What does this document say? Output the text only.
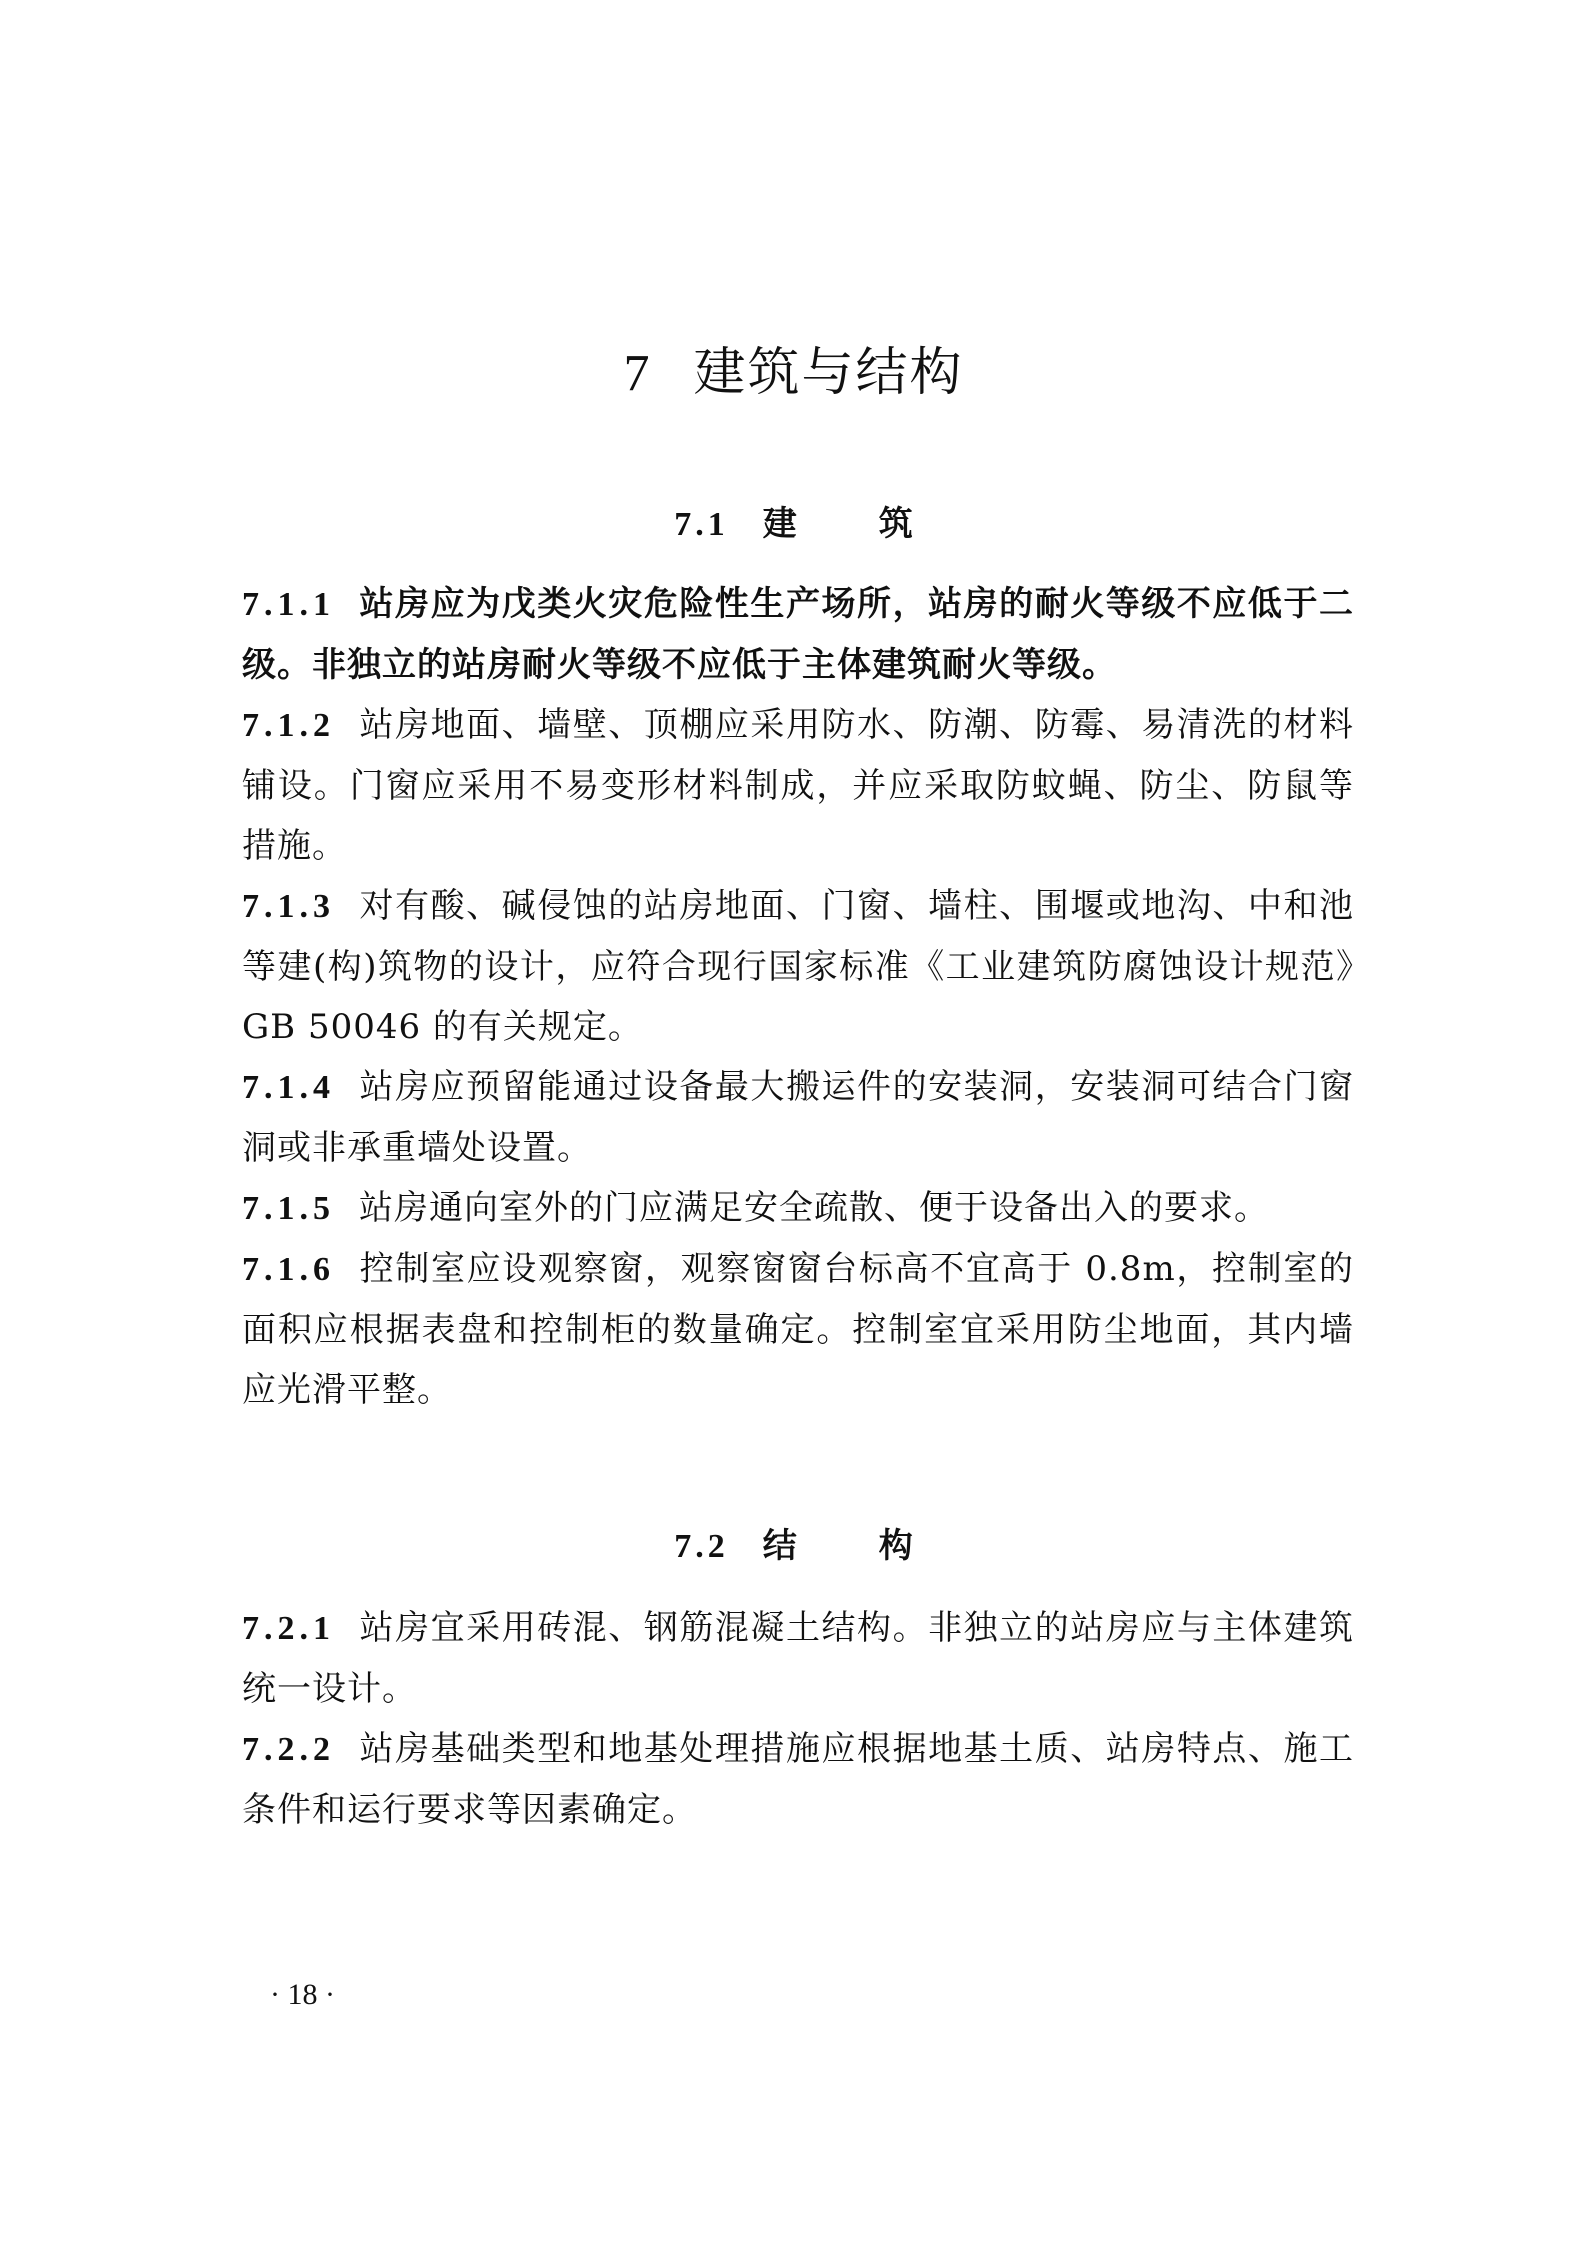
7 建筑与结构
7.1 建筑

7.1.1 站房应为戊类火灾危险性生产场所，站房的耐火等级不应低于二级。非独立的站房耐火等级不应低于主体建筑耐火等级。

7.1.2 站房地面、墙壁、顶棚应采用防水、防潮、防霉、易清洗的材料铺设。门窗应采用不易变形材料制成，并应采取防蚊蝇、防尘、防鼠等措施。

7.1.3 对有酸、碱侵蚀的站房地面、门窗、墙柱、围堰或地沟、中和池等建(构)筑物的设计，应符合现行国家标准《工业建筑防腐蚀设计规范》GB 50046 的有关规定。

7.1.4 站房应预留能通过设备最大搬运件的安装洞，安装洞可结合门窗洞或非承重墙处设置。

7.1.5 站房通向室外的门应满足安全疏散、便于设备出入的要求。

7.1.6 控制室应设观察窗，观察窗窗台标高不宜高于 0.8m，控制室的面积应根据表盘和控制柜的数量确定。控制室宜采用防尘地面，其内墙应光滑平整。

7.2 结构

7.2.1 站房宜采用砖混、钢筋混凝土结构。非独立的站房应与主体建筑统一设计。

7.2.2 站房基础类型和地基处理措施应根据地基土质、站房特点、施工条件和运行要求等因素确定。

· 18 ·
